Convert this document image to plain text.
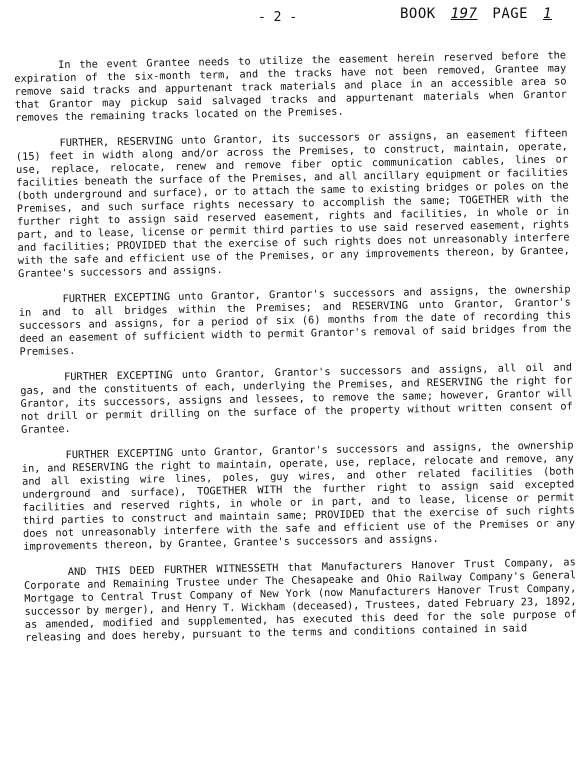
- 2 -	BOOK 197 PAGE 1

In the event Grantee needs to utilize the easement herein reserved before the expiration of the six-month term, and the tracks have not been removed, Grantee may remove said tracks and appurtenant track materials and place in an accessible area so that Grantor may pickup said salvaged tracks and appurtenant materials when Grantor removes the remaining tracks located on the Premises.

FURTHER, RESERVING unto Grantor, its successors or assigns, an easement fifteen (15) feet in width along and/or across the Premises, to construct, maintain, operate, use, replace, relocate, renew and remove fiber optic communication cables, lines or facilities beneath the surface of the Premises, and all ancillary equipment or facilities (both underground and surface), or to attach the same to existing bridges or poles on the Premises, and such surface rights necessary to accomplish the same; TOGETHER with the further right to assign said reserved easement, rights and facilities, in whole or in part, and to lease, license or permit third parties to use said reserved easement, rights and facilities; PROVIDED that the exercise of such rights does not unreasonably interfere with the safe and efficient use of the Premises, or any improvements thereon, by Grantee, Grantee's successors and assigns.

FURTHER EXCEPTING unto Grantor, Grantor's successors and assigns, the ownership in and to all bridges within the Premises; and RESERVING unto Grantor, Grantor's successors and assigns, for a period of six (6) months from the date of recording this deed an easement of sufficient width to permit Grantor's removal of said bridges from the Premises.

FURTHER EXCEPTING unto Grantor, Grantor's successors and assigns, all oil and gas, and the constituents of each, underlying the Premises, and RESERVING the right for Grantor, its successors, assigns and lessees, to remove the same; however, Grantor will not drill or permit drilling on the surface of the property without written consent of Grantee.

FURTHER EXCEPTING unto Grantor, Grantor's successors and assigns, the ownership in, and RESERVING the right to maintain, operate, use, replace, relocate and remove, any and all existing wire lines, poles, guy wires, and other related facilities (both underground and surface), TOGETHER WITH the further right to assign said excepted facilities and reserved rights, in whole or in part, and to lease, license or permit third parties to construct and maintain same; PROVIDED that the exercise of such rights does not unreasonably interfere with the safe and efficient use of the Premises or any improvements thereon, by Grantee, Grantee's successors and assigns.

AND THIS DEED FURTHER WITNESSETH that Manufacturers Hanover Trust Company, as Corporate and Remaining Trustee under The Chesapeake and Ohio Railway Company's General Mortgage to Central Trust Company of New York (now Manufacturers Hanover Trust Company, successor by merger), and Henry T. Wickham (deceased), Trustees, dated February 23, 1892, as amended, modified and supplemented, has executed this deed for the sole purpose of releasing and does hereby, pursuant to the terms and conditions contained in said
